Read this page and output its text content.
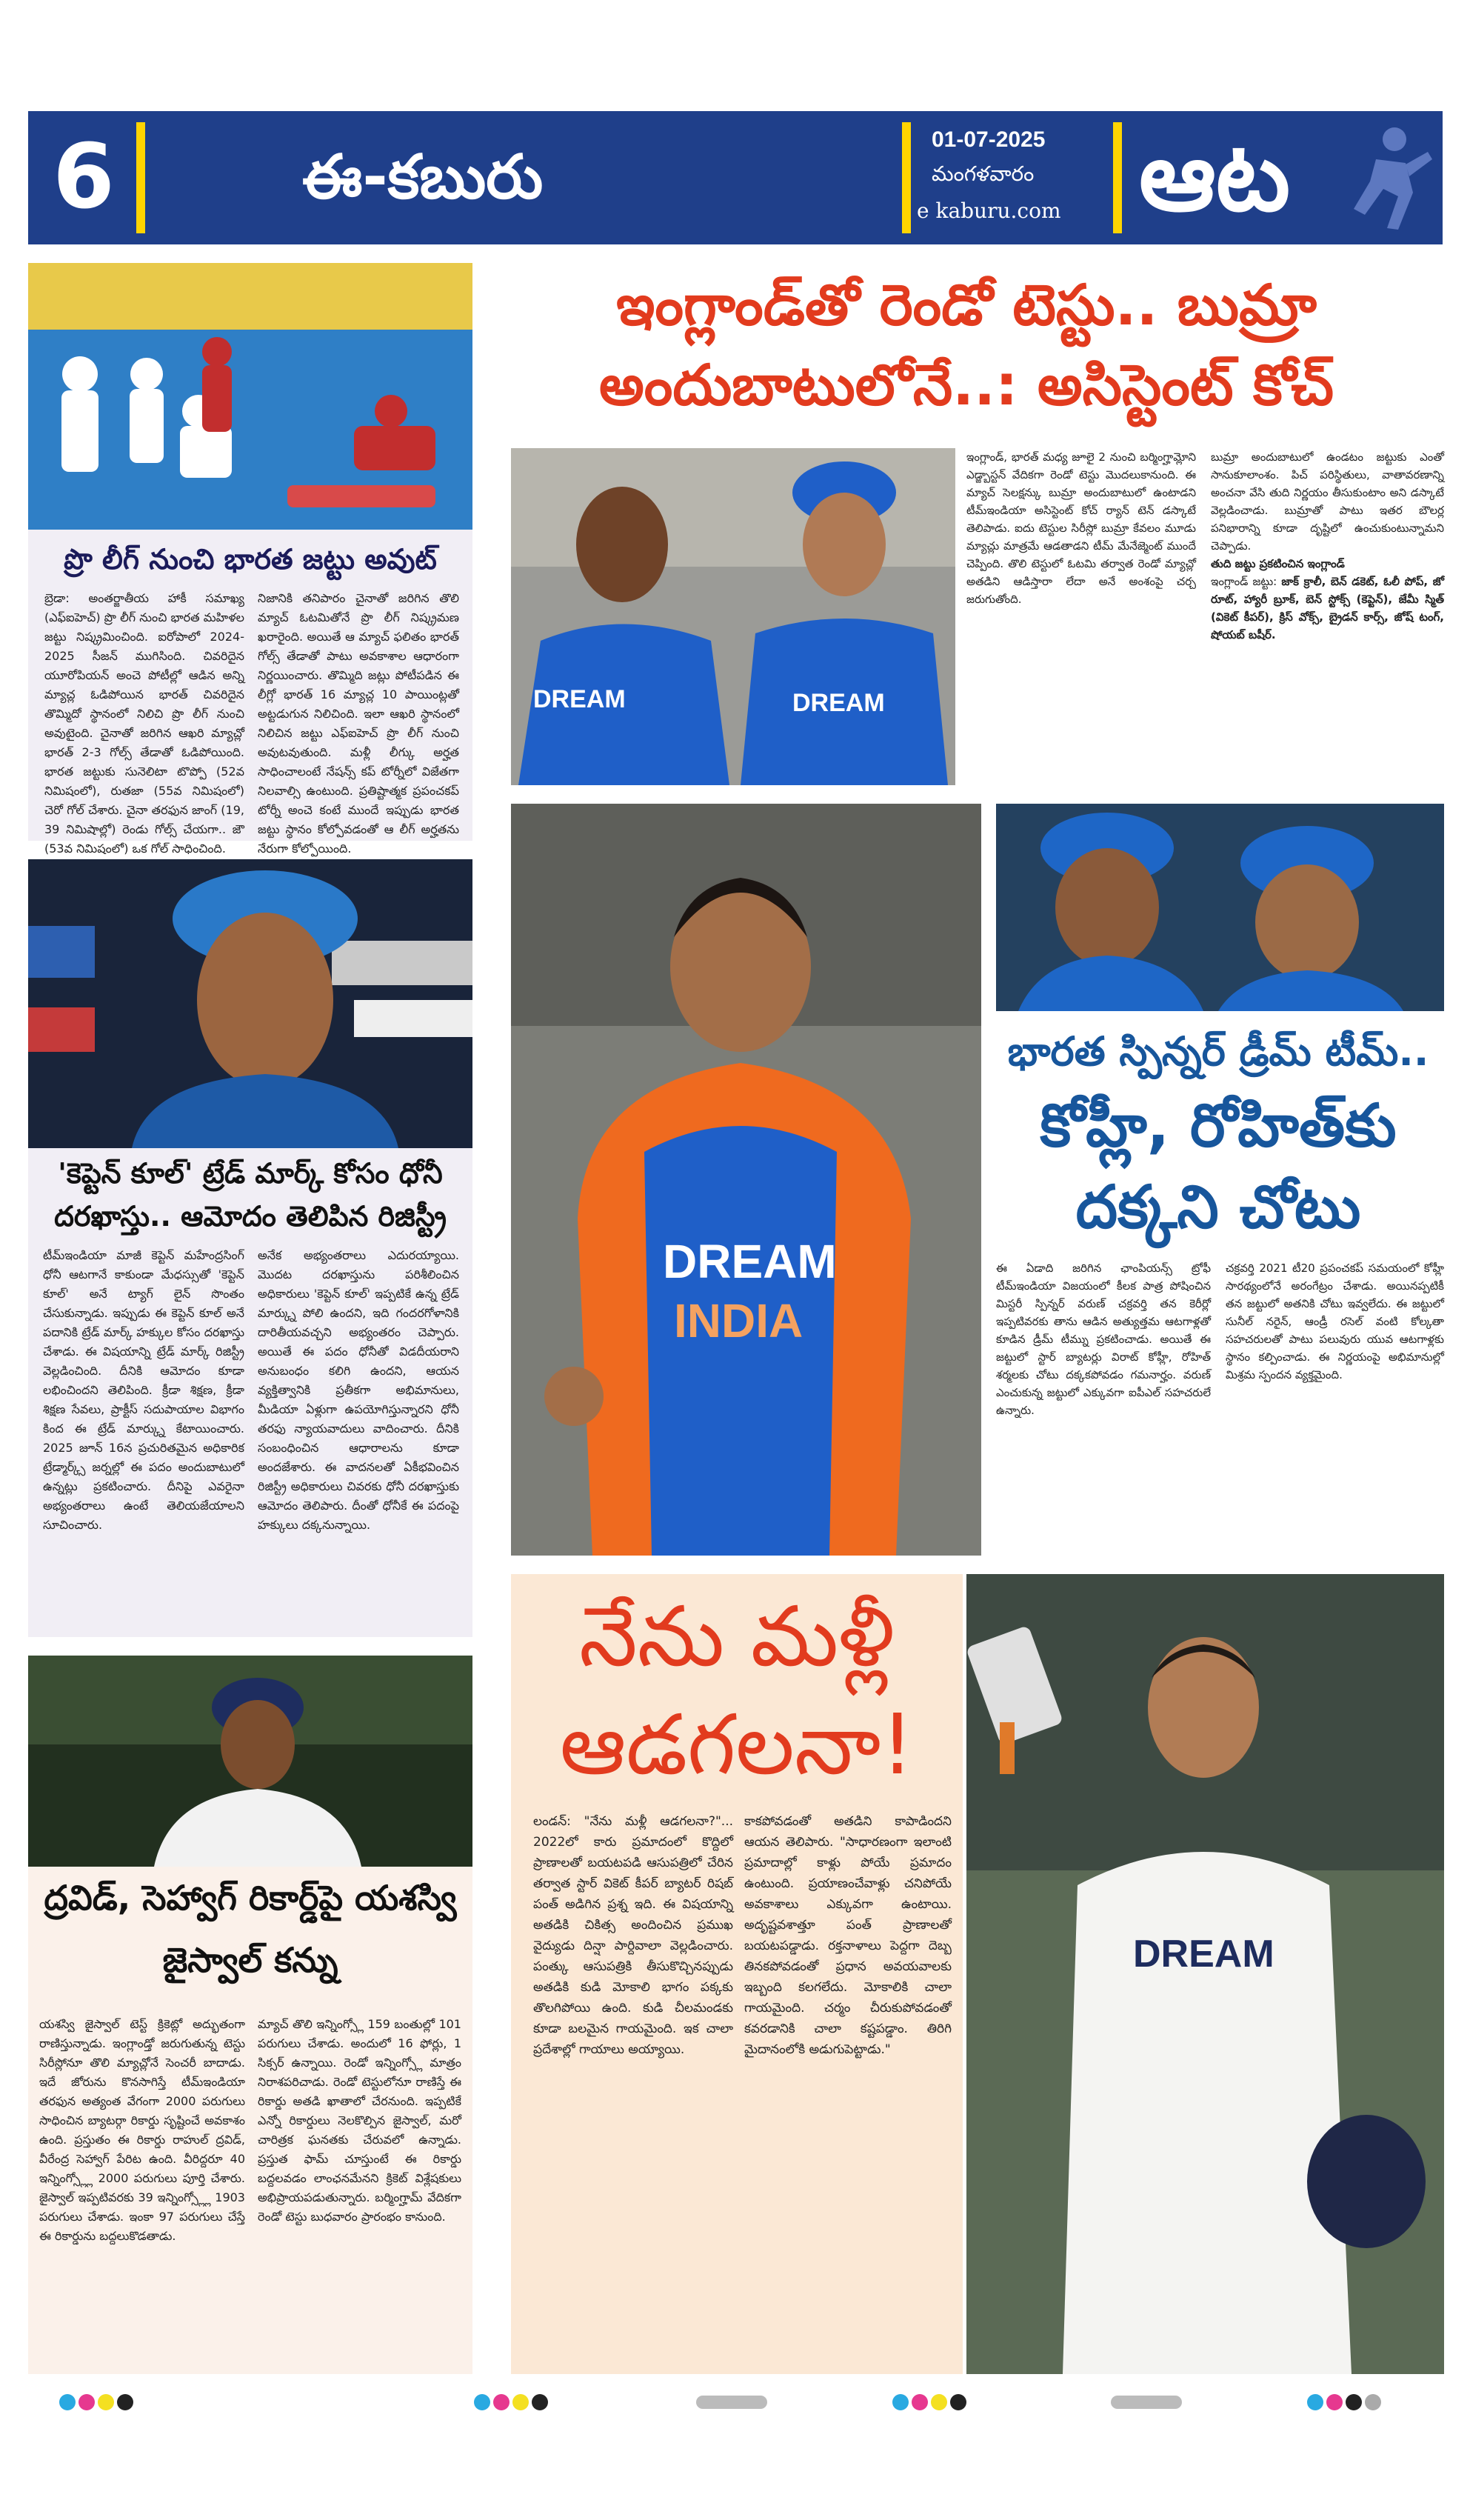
6	ఈ-కబురు
01-07-2025
మంగళవారం
e kaburu.com ఆట
ప్రొ లీగ్ నుంచి భారత జట్టు అవుట్
బ్రెడా: అంతర్జాతీయ హాకీ సమాఖ్య (ఎఫ్ఐహెచ్) ప్రొ లీగ్ నుంచి భారత మహిళల జట్టు నిష్క్రమించింది. ఐరోపాలో 2024-2025 సీజన్ ముగిసింది. చివరిదైన యూరోపియన్ అంచె పోటీల్లో ఆడిన అన్ని మ్యాచ్ల ఓడిపోయిన భారత్ చివరిదైన తొమ్మిదో స్థానంలో నిలిచి ప్రొ లీగ్ నుంచి అవుటైంది. చైనాతో జరిగిన ఆఖరి మ్యాచ్లో భారత్ 2-3 గోల్స్ తేడాతో ఓడిపోయింది. భారత జట్టుకు సునెలిటా టొప్పో (52వ నిమిషంలో), రుతజా (55వ నిమిషంలో) చెరో గోల్ చేశారు. చైనా తరఫున జాంగ్ (19, 39 నిమిషాల్లో) రెండు గోల్స్ చేయగా.. జౌ (53వ నిమిషంలో) ఒక గోల్ సాధించింది.
నిజానికి తనిపారం చైనాతో జరిగిన తొలి మ్యాచ్ ఓటమితోనే ప్రొ లీగ్ నిష్క్రమణ ఖరారైంది. అయితే ఆ మ్యాచ్ ఫలితం భారత్ గోల్స్ తేడాతో పాటు అవకాశాల ఆధారంగా నిర్ణయించారు. తొమ్మిది జట్లు పోటీపడిన ఈ లీగ్లో భారత్ 16 మ్యాచ్ల 10 పాయింట్లతో అట్టడుగున నిలిచింది. ఇలా ఆఖరి స్థానంలో నిలిచిన జట్టు ఎఫ్ఐహెచ్ ప్రొ లీగ్ నుంచి అవుటవుతుంది. మళ్లీ లీగ్కు అర్హత సాధించాలంటే నేషన్స్ కప్ టోర్నీలో విజేతగా నిలవాల్సి ఉంటుంది. ప్రతిష్టాత్మక ప్రపంచకప్ టోర్నీ అంచె కంటే ముందే ఇప్పుడు భారత జట్టు స్థానం కోల్పోవడంతో ఆ లీగ్ అర్హతను నేరుగా కోల్పోయింది.
'కెప్టెన్ కూల్' ట్రేడ్ మార్క్ కోసం ధోనీ దరఖాస్తు.. ఆమోదం తెలిపిన రిజిస్ట్రీ
టీమ్ఇండియా మాజీ కెప్టెన్ మహేంద్రసింగ్ ధోనీ ఆటగానే కాకుండా మేధస్సుతో 'కెప్టెన్ కూల్' అనే ట్యాగ్ లైన్ సొంతం చేసుకున్నాడు. ఇప్పుడు ఈ కెప్టెన్ కూల్ అనే పదానికి ట్రేడ్ మార్క్ హక్కుల కోసం దరఖాస్తు చేశాడు. ఈ విషయాన్ని ట్రేడ్ మార్క్ రిజిస్ట్రీ వెల్లడించింది. దీనికి ఆమోదం కూడా లభించిందని తెలిపింది. క్రీడా శిక్షణ, క్రీడా శిక్షణ సేవలు, ప్రాక్టీస్ సదుపాయాల విభాగం కింద ఈ ట్రేడ్ మార్క్ను కేటాయించారు. 2025 జూన్ 16న ప్రచురితమైన అధికారిక ట్రేడ్మార్క్స్ జర్నల్లో ఈ పదం అందుబాటులో ఉన్నట్లు ప్రకటించారు. దీనిపై ఎవరైనా అభ్యంతరాలు ఉంటే తెలియజేయాలని సూచించారు.
అనేక అభ్యంతరాలు ఎదురయ్యాయి. మొదట దరఖాస్తును పరిశీలించిన అధికారులు 'కెప్టెన్ కూల్' ఇప్పటికే ఉన్న ట్రేడ్ మార్క్ను పోలి ఉందని, ఇది గందరగోళానికి దారితీయవచ్చని అభ్యంతరం చెప్పారు. అయితే ఈ పదం ధోనీతో విడదీయరాని అనుబంధం కలిగి ఉందని, ఆయన వ్యక్తిత్వానికి ప్రతీకగా అభిమానులు, మీడియా ఏళ్లుగా ఉపయోగిస్తున్నారని ధోనీ తరఫు న్యాయవాదులు వాదించారు. దీనికి సంబంధించిన ఆధారాలను కూడా అందజేశారు. ఈ వాదనలతో ఏకీభవించిన రిజిస్ట్రీ అధికారులు చివరకు ధోనీ దరఖాస్తుకు ఆమోదం తెలిపారు. దీంతో ధోనీకే ఈ పదంపై హక్కులు దక్కనున్నాయి.
ద్రవిడ్, సెహ్వాగ్ రికార్డ్‌పై యశస్వి జైస్వాల్ కన్ను
యశస్వి జైస్వాల్ టెస్ట్ క్రికెట్లో అద్భుతంగా రాణిస్తున్నాడు. ఇంగ్లాండ్తో జరుగుతున్న టెస్టు సిరీస్లోనూ తొలి మ్యాచ్లోనే సెంచరీ బాదాడు. ఇదే జోరును కొనసాగిస్తే టీమ్ఇండియా తరఫున అత్యంత వేగంగా 2000 పరుగులు సాధించిన బ్యాటర్గా రికార్డు సృష్టించే అవకాశం ఉంది. ప్రస్తుతం ఈ రికార్డు రాహుల్ ద్రవిడ్, వీరేంద్ర సెహ్వాగ్ పేరిట ఉంది. వీరిద్దరూ 40 ఇన్నింగ్స్ల్లో 2000 పరుగులు పూర్తి చేశారు. జైస్వాల్ ఇప్పటివరకు 39 ఇన్నింగ్స్ల్లో 1903 పరుగులు చేశాడు. ఇంకా 97 పరుగులు చేస్తే ఈ రికార్డును బద్దలుకొడతాడు.
మ్యాచ్ తొలి ఇన్నింగ్స్లో 159 బంతుల్లో 101 పరుగులు చేశాడు. అందులో 16 ఫోర్లు, 1 సిక్సర్ ఉన్నాయి. రెండో ఇన్నింగ్స్లో మాత్రం నిరాశపరిచాడు. రెండో టెస్టులోనూ రాణిస్తే ఈ రికార్డు అతడి ఖాతాలో చేరనుంది. ఇప్పటికే ఎన్నో రికార్డులు నెలకొల్పిన జైస్వాల్, మరో చారిత్రక ఘనతకు చేరువలో ఉన్నాడు. ప్రస్తుత ఫామ్ చూస్తుంటే ఈ రికార్డు బద్దలవడం లాంఛనమేనని క్రికెట్ విశ్లేషకులు అభిప్రాయపడుతున్నారు. బర్మింగ్హామ్ వేదికగా రెండో టెస్టు బుధవారం ప్రారంభం కానుంది.
ఇంగ్లాండ్‌తో రెండో టెస్టు.. బుమ్రా
అందుబాటులోనే..: అసిస్టెంట్ కోచ్
DREAM	DREAM
ఇంగ్లాండ్, భారత్ మధ్య జూలై 2 నుంచి బర్మింగ్హామ్లోని ఎడ్జ్బాస్టన్ వేదికగా రెండో టెస్టు మొదలుకానుంది. ఈ మ్యాచ్ సెలక్షన్కు బుమ్రా అందుబాటులో ఉంటాడని టీమ్ఇండియా అసిస్టెంట్ కోచ్ ర్యాన్ టెన్ డస్కాటే తెలిపాడు. ఐదు టెస్టుల సిరీస్లో బుమ్రా కేవలం మూడు మ్యాచ్లు మాత్రమే ఆడతాడని టీమ్ మేనేజ్మెంట్ ముందే చెప్పింది. తొలి టెస్టులో ఓటమి తర్వాత రెండో మ్యాచ్లో అతడిని ఆడిస్తారా లేదా అనే అంశంపై చర్చ జరుగుతోంది.
బుమ్రా అందుబాటులో ఉండటం జట్టుకు ఎంతో సానుకూలాంశం. పిచ్ పరిస్థితులు, వాతావరణాన్ని అంచనా వేసి తుది నిర్ణయం తీసుకుంటాం అని డస్కాటే వెల్లడించాడు. బుమ్రాతో పాటు ఇతర బౌలర్ల పనిభారాన్ని కూడా దృష్టిలో ఉంచుకుంటున్నామని చెప్పాడు.
తుది జట్టు ప్రకటించిన ఇంగ్లాండ్
ఇంగ్లాండ్ జట్టు: జాక్ క్రాలీ, బెన్ డకెట్, ఓలీ పోప్, జో రూట్, హ్యారీ బ్రూక్, బెన్ స్టోక్స్ (కెప్టెన్), జేమీ స్మిత్ (వికెట్ కీపర్), క్రిస్ వోక్స్, బ్రైడన్ కార్స్, జోష్ టంగ్, షోయబ్ బషీర్.
DREAM
INDIA
భారత స్పిన్నర్ డ్రీమ్ టీమ్..
కోహ్లీ, రోహిత్‌కు
దక్కని చోటు
ఈ ఏడాది జరిగిన ఛాంపియన్స్ ట్రోఫీ టీమ్ఇండియా విజయంలో కీలక పాత్ర పోషించిన మిస్టరీ స్పిన్నర్ వరుణ్ చక్రవర్తి తన కెరీర్లో ఇప్పటివరకు తాను ఆడిన అత్యుత్తమ ఆటగాళ్లతో కూడిన డ్రీమ్ టీమ్ను ప్రకటించాడు. అయితే ఈ జట్టులో స్టార్ బ్యాటర్లు విరాట్ కోహ్లీ, రోహిత్ శర్మలకు చోటు దక్కకపోవడం గమనార్హం. వరుణ్ ఎంచుకున్న జట్టులో ఎక్కువగా ఐపీఎల్ సహచరులే ఉన్నారు.
చక్రవర్తి 2021 టీ20 ప్రపంచకప్ సమయంలో కోహ్లీ సారథ్యంలోనే అరంగేట్రం చేశాడు. అయినప్పటికీ తన జట్టులో అతనికి చోటు ఇవ్వలేదు. ఈ జట్టులో సునీల్ నరైన్, ఆండ్రీ రసెల్ వంటి కోల్కతా సహచరులతో పాటు పలువురు యువ ఆటగాళ్లకు స్థానం కల్పించాడు. ఈ నిర్ణయంపై అభిమానుల్లో మిశ్రమ స్పందన వ్యక్తమైంది.
నేను మళ్లీ ఆడగలనా!
లండన్: "నేను మళ్లీ ఆడగలనా?"... 2022లో కారు ప్రమాదంలో కొద్దిలో ప్రాణాలతో బయటపడి ఆసుపత్రిలో చేరిన తర్వాత స్టార్ వికెట్ కీపర్ బ్యాటర్ రిషబ్ పంత్ అడిగిన ప్రశ్న ఇది. ఈ విషయాన్ని అతడికి చికిత్స అందించిన ప్రముఖ వైద్యుడు దిన్షా పార్దివాలా వెల్లడించారు. పంత్కు ఆసుపత్రికి తీసుకొచ్చినప్పుడు అతడికి కుడి మోకాలి భాగం పక్కకు తొలగిపోయి ఉంది. కుడి చీలమండకు కూడా బలమైన గాయమైంది. ఇక చాలా ప్రదేశాల్లో గాయాలు అయ్యాయి.
కాకపోవడంతో అతడిని కాపాడిందని ఆయన తెలిపారు. "సాధారణంగా ఇలాంటి ప్రమాదాల్లో కాళ్లు పోయే ప్రమాదం ఉంటుంది. ప్రయాణంచేవాళ్లు చనిపోయే అవకాశాలు ఎక్కువగా ఉంటాయి. అదృష్టవశాత్తూ పంత్ ప్రాణాలతో బయటపడ్డాడు. రక్తనాళాలు పెద్దగా దెబ్బ తినకపోవడంతో ప్రధాన అవయవాలకు ఇబ్బంది కలగలేదు. మోకాలికి చాలా గాయమైంది. చర్మం చీరుకుపోవడంతో కవరడానికి చాలా కష్టపడ్డాం. తిరిగి మైదానంలోకి అడుగుపెట్టాడు."
DREAM
